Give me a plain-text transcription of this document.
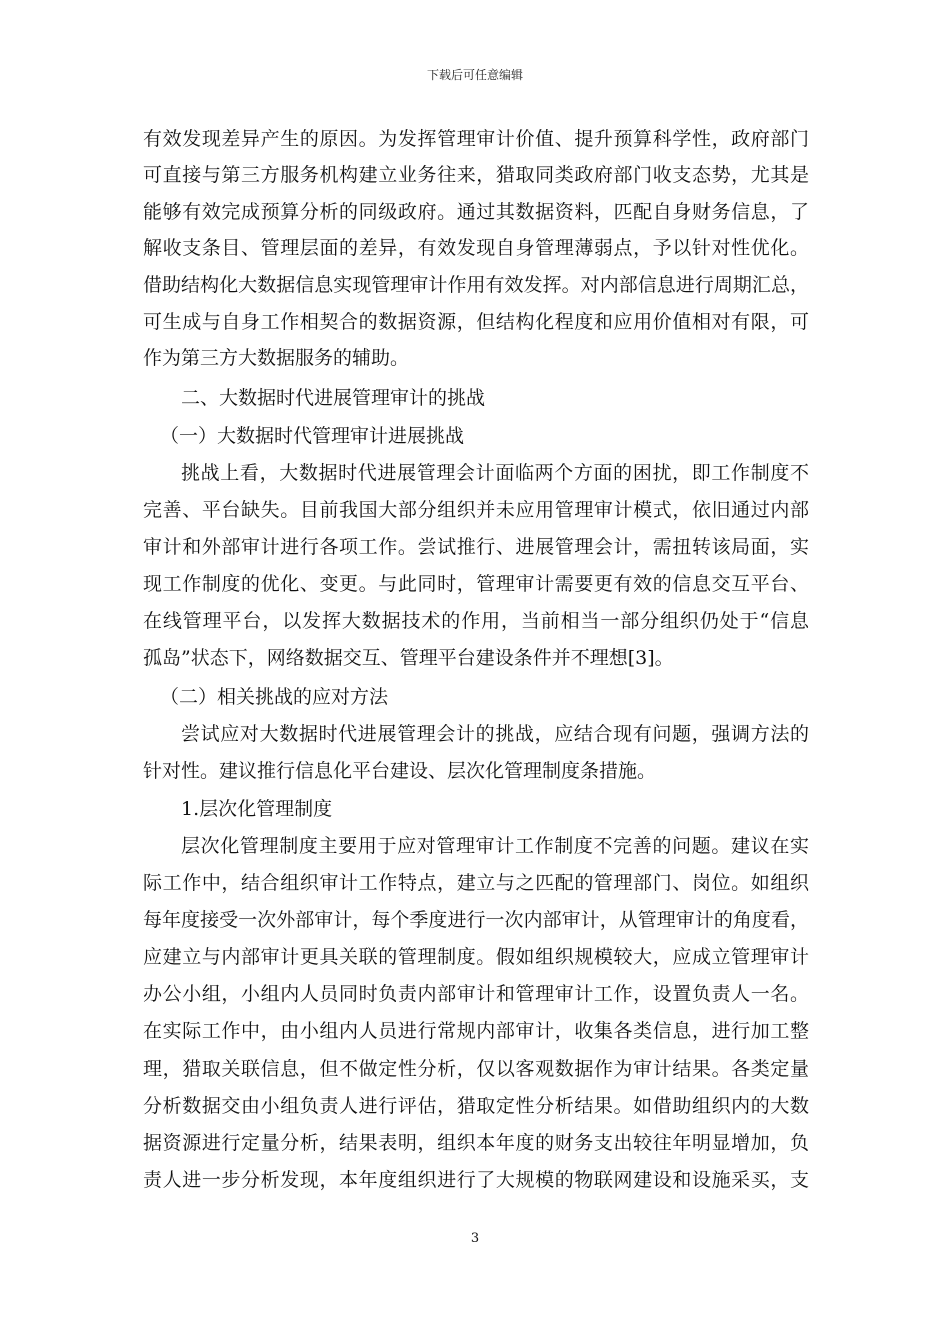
下载后可任意编辑
有效发现差异产生的原因。为发挥管理审计价值、提升预算科学性，政府部门
可直接与第三方服务机构建立业务往来，猎取同类政府部门收支态势，尤其是
能够有效完成预算分析的同级政府。通过其数据资料，匹配自身财务信息，了
解收支条目、管理层面的差异，有效发现自身管理薄弱点，予以针对性优化。
借助结构化大数据信息实现管理审计作用有效发挥。对内部信息进行周期汇总，
可生成与自身工作相契合的数据资源，但结构化程度和应用价值相对有限，可
作为第三方大数据服务的辅助。
二、大数据时代进展管理审计的挑战
（一）大数据时代管理审计进展挑战
挑战上看，大数据时代进展管理会计面临两个方面的困扰，即工作制度不
完善、平台缺失。目前我国大部分组织并未应用管理审计模式，依旧通过内部
审计和外部审计进行各项工作。尝试推行、进展管理会计，需扭转该局面，实
现工作制度的优化、变更。与此同时，管理审计需要更有效的信息交互平台、
在线管理平台，以发挥大数据技术的作用，当前相当一部分组织仍处于“信息
孤岛”状态下，网络数据交互、管理平台建设条件并不理想[3]。
（二）相关挑战的应对方法
尝试应对大数据时代进展管理会计的挑战，应结合现有问题，强调方法的
针对性。建议推行信息化平台建设、层次化管理制度条措施。
1.层次化管理制度
层次化管理制度主要用于应对管理审计工作制度不完善的问题。建议在实
际工作中，结合组织审计工作特点，建立与之匹配的管理部门、岗位。如组织
每年度接受一次外部审计，每个季度进行一次内部审计，从管理审计的角度看，
应建立与内部审计更具关联的管理制度。假如组织规模较大，应成立管理审计
办公小组，小组内人员同时负责内部审计和管理审计工作，设置负责人一名。
在实际工作中，由小组内人员进行常规内部审计，收集各类信息，进行加工整
理，猎取关联信息，但不做定性分析，仅以客观数据作为审计结果。各类定量
分析数据交由小组负责人进行评估，猎取定性分析结果。如借助组织内的大数
据资源进行定量分析，结果表明，组织本年度的财务支出较往年明显增加，负
责人进一步分析发现，本年度组织进行了大规模的物联网建设和设施采买，支
3
